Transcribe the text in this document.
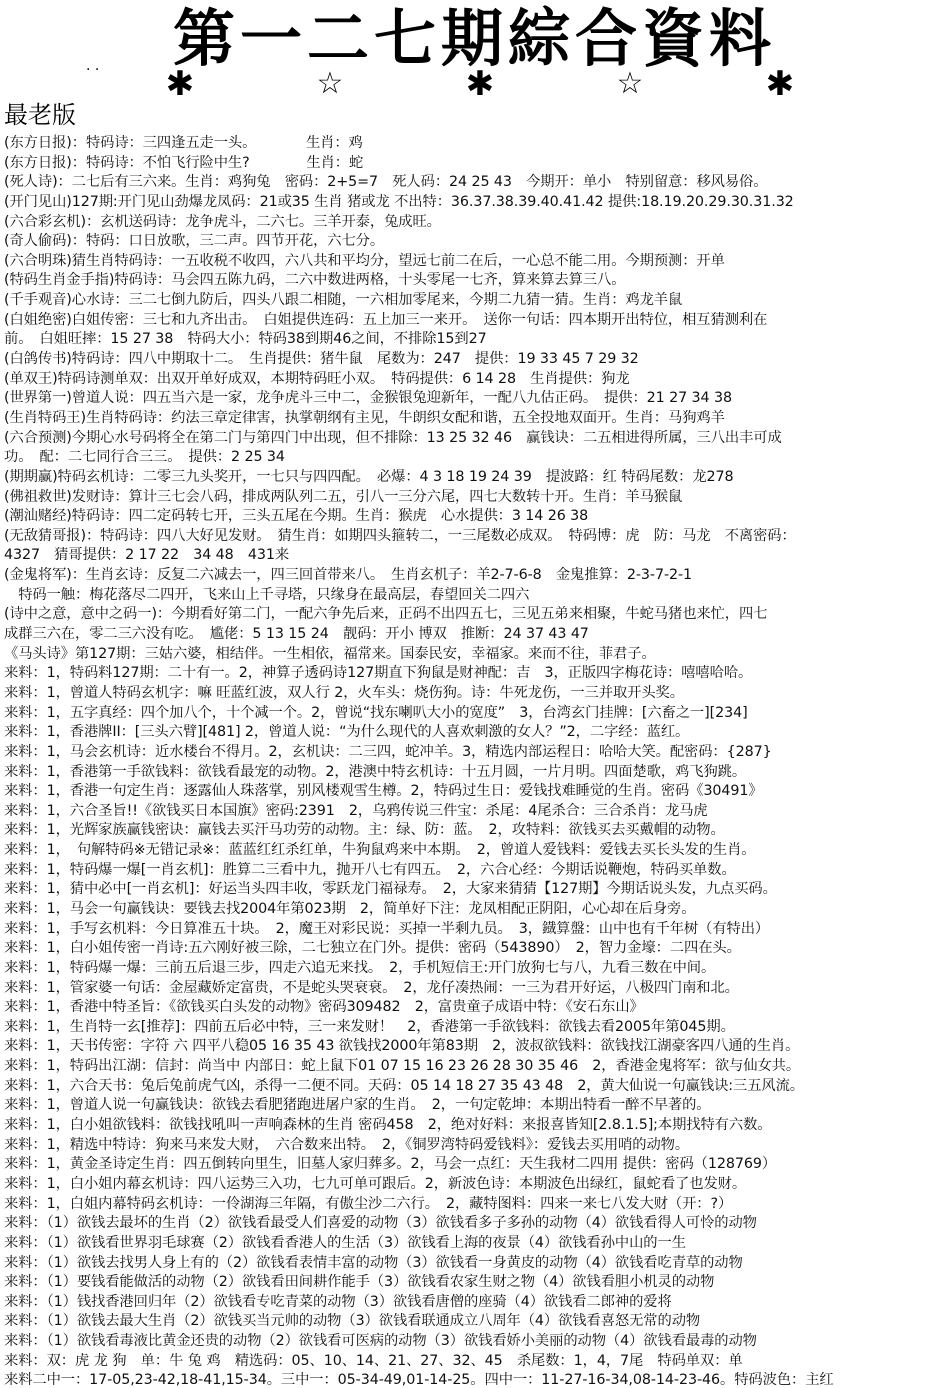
第一二七期綜合資料
· ·	✱	☆	✱	☆	✱
最老版
(东方日报)：特码诗：三四逢五走一头。　　　　生肖：鸡
(东方日报)：特码诗：不怕飞行险中生?　　　　生肖：蛇
(死人诗)：二七后有三六来。生肖：鸡狗兔　密码：2+5=7　死人码：24 25 43　今期开：单小　特别留意：移风易俗。
(开门见山)127期:开门见山劲爆龙凤码：21或35 生肖 猪或龙 不出特：36.37.38.39.40.41.42 提供:18.19.20.29.30.31.32
(六合彩玄机)：玄机送码诗：龙争虎斗，二六七。三羊开泰，兔成旺。
(奇人偷码)：特码：口日放歌，三二声。四节开花，六七分。
(六合明珠)猜生肖特码诗：一五收税不收四，六八共和平均分，望远七前二在后，一心总不能二用。今期预测：开单
(特码生肖金手指)特码诗：马会四五陈九码，二六中数进两格，十头零尾一七齐，算来算去算三八。
(千手观音)心水诗：三二七倒九防后，四头八跟二相随，一六相加零尾来，今期二九猜一猜。生肖：鸡龙羊鼠
(白姐绝密)白姐传密：三七和九齐出击。　白姐提供连码：五上加三一来开。　送你一句话：四本期开出特位，相互猜测利在
前。　白姐旺摔：15 27 38　特码大小：特码38到期46之间，不排除15到27
(白鸽传书)特码诗：四八中期取十二。　生肖提供：猪牛鼠　尾数为：247　提供：19 33 45 7 29 32
(单双王)特码诗测单双：出双开单好成双，本期特码旺小双。　特码提供：6 14 28　生肖提供：狗龙
(世界第一)曾道人说：四五当六是一家，龙争虎斗三中二，金猴银兔迎新年，一配八九估正码。　提供：21 27 34 38
(生肖特码王)生肖特码诗：约法三章定律害，执掌朝纲有主见，牛朗织女配和谐，五全投地双面开。生肖：马狗鸡羊
(六合预测)今期心水号码将全在第二门与第四门中出现，但不排除：13 25 32 46　赢钱诀：二五相进得所属，三八出丰可成
功。　配：二七同行合三三。　提供：2 25 34
(期期赢)特码玄机诗：二零三九头奖开，一七只与四四配。　必爆：4 3 18 19 24 39　提波路：红 特码尾数：龙278
(佛祖救世)发财诗：算计三七会八码，排成两队列二五，引八一三分六尾，四七大数转十开。生肖：羊马猴鼠
(潮汕赌经)特码诗：四二定码转七开，三头五尾在今期。生肖：猴虎　心水提供：3 14 26 38
(无敌猜哥报)：特码诗：四八大好见发财。　猜生肖：如期四头箍转二，一三尾数必成双。　特码博：虎　防：马龙　不离密码：
4327　猜哥提供：2 17 22　34 48　431来
(金鬼将军)：生肖玄诗：反复二六减去一，四三回首带来八。　生肖玄机子：羊2-7-6-8　金鬼推算：2-3-7-2-1
　特码一触：梅花落尽二四开，飞来山上千寻塔，只缘身在最高层，春望回关二四六
(诗中之意，意中之码一)：今期看好第二门，一配六争先后来，正码不出四五七，三见五弟来相聚，牛蛇马猪也来忙，四七
成群三六在，零二三六没有吃。　尴佬：5 13 15 24　靓码：开小 博双　推断：24 37 43 47
《马头诗》第127期：三姑六婆，相结伴。一生相依，福常来。国泰民安，幸福家。来而不往，菲君子。
来料：1，特码料127期：二十有一。2，神算子透码诗127期直下狗鼠是财神配：吉　3，正版四字梅花诗：嘻嘻哈哈。
来料：1，曾道人特码玄机字：嘛 旺蓝红波，双人行 2，火车头：烧伤狗。诗：牛死龙伤，一三并取开头奖。
来料：1，五字真经：四个加八个，十个减一个。2，曾说“找东喇叭大小的宽度”　3，台湾玄门挂牌：[六畜之一][234]
来料：1，香港牌II：[三头六臂][481] 2，曾道人说：“为什么现代的人喜欢刺激的女人？”2，二字经：蓝红。
来料：1，马会玄机诗：近水楼台不得月。2，玄机诀：二三四，蛇冲羊。3，精选内部运程日：哈哈大笑。配密码：{287}
来料：1，香港第一手欲钱料：欲钱看最宠的动物。2，港澳中特玄机诗：十五月圆，一片月明。四面楚歌，鸡飞狗跳。
来料：1，香港一句定生肖：逐露仙人珠落掌，别风楼观雪生樽。2，特码过生日：爱钱找难睡觉的生肖。密码《30491》
来料：1，六合圣旨!!《欲钱买日本国旗》密码:2391　2，乌鸦传说三件宝：杀尾：4尾杀合：三合杀肖：龙马虎
来料：1，光辉家族赢钱密诀：赢钱去买汗马功劳的动物。主：绿、防：蓝。　2，攻特料：欲钱买去买戴帽的动物。
来料：1，　句解特码※无错记录※：蓝蓝红红杀红单，牛狗鼠鸡来中本期。　2，曾道人爱钱料：爱钱去买长头发的生肖。
来料：1，特码爆一爆[一肖玄机]：胜算二三看中九，抛开八七有四五。　2，六合心经：今期话说鞭炮，特码买单数。
来料：1，猜中必中[一肖玄机]：好运当头四丰收，零跃龙门福禄寿。　2，大家来猜猜【127期】今期话说头发，九点买码。
来料：1，马会一句赢钱诀：要钱去找2004年第023期　2，简单好下注：龙凤相配正阴阳，心心却在后身旁。
来料：1，手写玄机料：今日算准五十块。　2，魔王对彩民说：买掉一半剩九员。　3，鐡算盤：山中也有千年树（有特出）
来料：1，白小姐传密一肖诗:五六刚好被三除，二七独立在门外。提供：密码（543890）　2，智力金壕：二四在头。
来料：1，特码爆一爆：三前五后退三步，四走六追无来找。　2，手机短信王:开门放狗七与八，九看三数在中间。
来料：1，管家婆一句话：金屋藏娇定富贵，不是蛇头哭衰衰。　2，龙仔凑热闹：一三为君开好运，八极四门南和北。
来料：1，香港中特圣旨：《欲钱买白头发的动物》密码309482　2，富贵童子成语中特：《安石东山》
来料：1，生肖特一玄[推荐]：四前五后必中特，三一来发财！　2，香港第一手欲钱料：欲钱去看2005年第045期。
来料：1，天书传密：字符 六 四平八稳05 16 35 43 欲钱找2000年第83期　2，波叔欲钱料：欲钱找江湖豪客四八通的生肖。
来料：1，特码出江湖：信封：尚当中 内部日：蛇上鼠下01 07 15 16 23 26 28 30 35 46　2，香港金鬼将军：欲与仙女共。
来料：1，六合天书：兔后兔前虎气凶，杀得一二便不同。天码：05 14 18 27 35 43 48　2，黄大仙说一句赢钱诀:三五风流。
来料：1，曾道人说一句赢钱诀：欲钱去看肥猪跑进屠户家的生肖。　2，一句定乾坤：本期出特看一醉不早著的。
来料：1，白小姐欲钱料：欲钱找吼叫一声响森林的生肖 密码458　2，绝对好料：来报喜皆知[2.8.1.5];本期找特有六数。
来料：1，精选中特诗：狗来马来发大财，　六合数来出特。　2，《铜罗湾特码爱钱料》：爱钱去买用哨的动物。
来料：1，黄金圣诗定生肖：四五倒转向里生，旧墓人家归葬多。2，马会一点红：天生我材二四用 提供：密码（128769）
来料：1，白小姐内幕玄机诗：四八运势三入功，七九可单可跟后。2，新波色诗：本期波色出绿红，鼠蛇看了也发财。
来料：1，白姐内幕特码玄机诗：一伶湖海三年隔，有傲尘沙二六行。　2，藏特图料：四来一来七八发大财（开：?）
来料：（1）欲钱去最坏的生肖（2）欲钱看最受人们喜爱的动物（3）欲钱看多子多孙的动物（4）欲钱看得人可怜的动物
来料：（1）欲钱看世界羽毛球赛（2）欲钱看香港人的生活（3）欲钱看上海的夜景（4）欲钱看孙中山的一生
来料：（1）欲钱去找男人身上有的（2）欲钱看表情丰富的动物（3）欲钱看一身黄皮的动物（4）欲钱看吃青草的动物
来料：（1）要钱看能做活的动物（2）欲钱看田间耕作能手（3）欲钱看农家生财之物（4）欲钱看胆小机灵的动物
来料：（1）钱找香港回归年（2）欲钱看专吃青菜的动物（3）欲钱看唐僧的座骑（4）欲钱看二郎神的爱将
来料：（1）欲钱去最大生肖（2）欲钱买当元帅的动物（3）欲钱看联通成立八周年（4）欲钱看喜怒无常的动物
来料：（1）欲钱看毒液比黄金还贵的动物（2）欲钱看可医病的动物（3）欲钱看娇小美丽的动物（4）欲钱看最毒的动物
来料：双：虎 龙 狗　单：牛 兔 鸡　精选码：05、10、14、21、27、32、45　杀尾数：1，4，7尾　特码单双：单
来料二中一：17-05,23-42,18-41,15-34。三中一：05-34-49,01-14-25。四中一：11-27-16-34,08-14-23-46。特码波色：主红
